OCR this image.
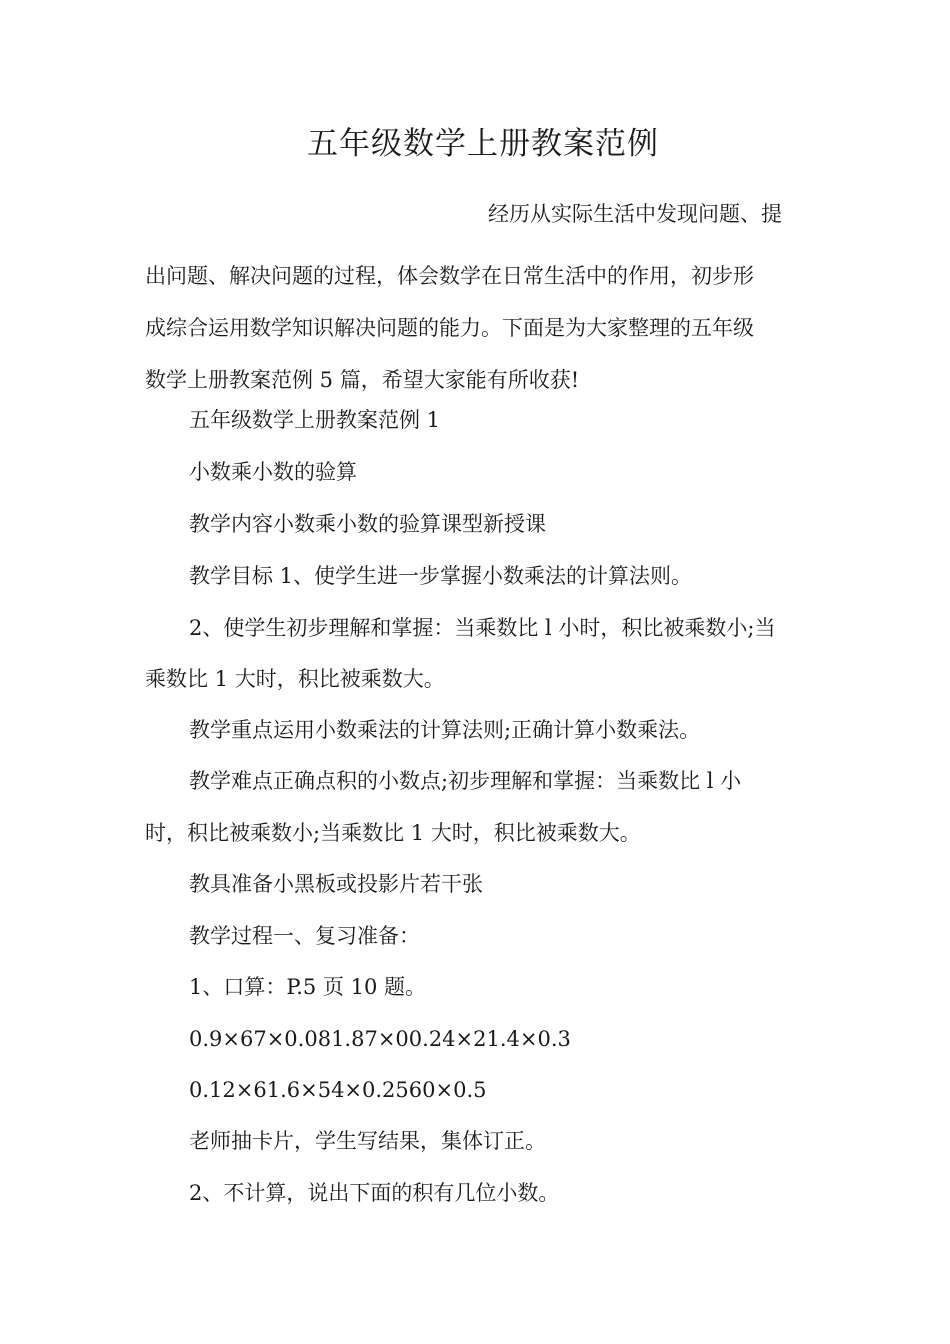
五年级数学上册教案范例
经历从实际生活中发现问题、提
出问题、解决问题的过程，体会数学在日常生活中的作用，初步形
成综合运用数学知识解决问题的能力。下面是为大家整理的五年级
数学上册教案范例 5 篇，希望大家能有所收获!
五年级数学上册教案范例 1
小数乘小数的验算
教学内容小数乘小数的验算课型新授课
教学目标 1、使学生进一步掌握小数乘法的计算法则。
2、使学生初步理解和掌握：当乘数比 l 小时，积比被乘数小;当
乘数比 1 大时，积比被乘数大。
教学重点运用小数乘法的计算法则;正确计算小数乘法。
教学难点正确点积的小数点;初步理解和掌握：当乘数比 l 小
时，积比被乘数小;当乘数比 1 大时，积比被乘数大。
教具准备小黑板或投影片若干张
教学过程一、复习准备：
1、口算：P.5 页 10 题。
0.9×67×0.081.87×00.24×21.4×0.3
0.12×61.6×54×0.2560×0.5
老师抽卡片，学生写结果，集体订正。
2、不计算，说出下面的积有几位小数。
